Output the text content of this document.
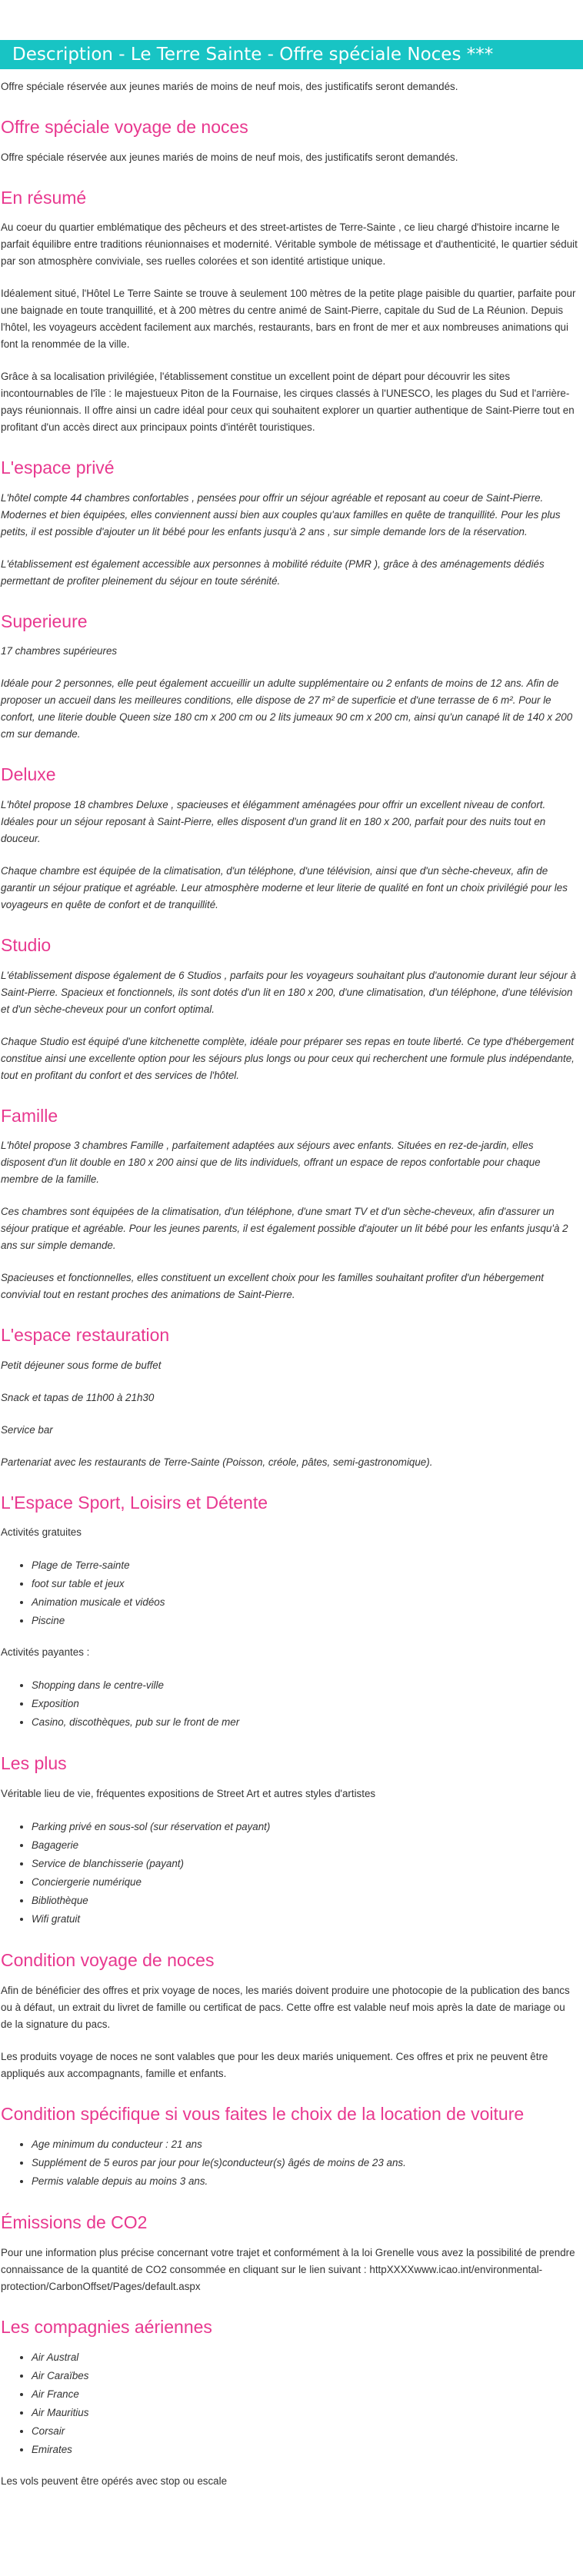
Description - Le Terre Sainte - Offre spéciale Noces ***

Offre spéciale réservée aux jeunes mariés de moins de neuf mois, des justificatifs seront demandés.

Offre spéciale voyage de noces

Offre spéciale réservée aux jeunes mariés de moins de neuf mois, des justificatifs seront demandés.

En résumé

Au coeur du quartier emblématique des pêcheurs et des street-artistes de Terre-Sainte , ce lieu chargé d'histoire incarne le parfait équilibre entre traditions réunionnaises et modernité. Véritable symbole de métissage et d'authenticité, le quartier séduit par son atmosphère conviviale, ses ruelles colorées et son identité artistique unique.

Idéalement situé, l'Hôtel Le Terre Sainte se trouve à seulement 100 mètres de la petite plage paisible du quartier, parfaite pour une baignade en toute tranquillité, et à 200 mètres du centre animé de Saint-Pierre, capitale du Sud de La Réunion. Depuis l'hôtel, les voyageurs accèdent facilement aux marchés, restaurants, bars en front de mer et aux nombreuses animations qui font la renommée de la ville.

Grâce à sa localisation privilégiée, l'établissement constitue un excellent point de départ pour découvrir les sites incontournables de l'île : le majestueux Piton de la Fournaise, les cirques classés à l'UNESCO, les plages du Sud et l'arrière-pays réunionnais. Il offre ainsi un cadre idéal pour ceux qui souhaitent explorer un quartier authentique de Saint-Pierre tout en profitant d'un accès direct aux principaux points d'intérêt touristiques.

L'espace privé

L'hôtel compte 44 chambres confortables , pensées pour offrir un séjour agréable et reposant au coeur de Saint-Pierre. Modernes et bien équipées, elles conviennent aussi bien aux couples qu'aux familles en quête de tranquillité. Pour les plus petits, il est possible d'ajouter un lit bébé pour les enfants jusqu'à 2 ans , sur simple demande lors de la réservation.

L'établissement est également accessible aux personnes à mobilité réduite (PMR ), grâce à des aménagements dédiés permettant de profiter pleinement du séjour en toute sérénité.

Superieure

17 chambres supérieures

Idéale pour 2 personnes, elle peut également accueillir un adulte supplémentaire ou 2 enfants de moins de 12 ans. Afin de proposer un accueil dans les meilleures conditions, elle dispose de 27 m² de superficie et d'une terrasse de 6 m². Pour le confort, une literie double Queen size 180 cm x 200 cm ou 2 lits jumeaux 90 cm x 200 cm, ainsi qu'un canapé lit de 140 x 200 cm sur demande.

Deluxe

L'hôtel propose 18 chambres Deluxe , spacieuses et élégamment aménagées pour offrir un excellent niveau de confort. Idéales pour un séjour reposant à Saint-Pierre, elles disposent d'un grand lit en 180 x 200, parfait pour des nuits tout en douceur.

Chaque chambre est équipée de la climatisation, d'un téléphone, d'une télévision, ainsi que d'un sèche-cheveux, afin de garantir un séjour pratique et agréable. Leur atmosphère moderne et leur literie de qualité en font un choix privilégié pour les voyageurs en quête de confort et de tranquillité.

Studio

L'établissement dispose également de 6 Studios , parfaits pour les voyageurs souhaitant plus d'autonomie durant leur séjour à Saint-Pierre. Spacieux et fonctionnels, ils sont dotés d'un lit en 180 x 200, d'une climatisation, d'un téléphone, d'une télévision et d'un sèche-cheveux pour un confort optimal.

Chaque Studio est équipé d'une kitchenette complète, idéale pour préparer ses repas en toute liberté. Ce type d'hébergement constitue ainsi une excellente option pour les séjours plus longs ou pour ceux qui recherchent une formule plus indépendante, tout en profitant du confort et des services de l'hôtel.

Famille

L'hôtel propose 3 chambres Famille , parfaitement adaptées aux séjours avec enfants. Situées en rez-de-jardin, elles disposent d'un lit double en 180 x 200 ainsi que de lits individuels, offrant un espace de repos confortable pour chaque membre de la famille.

Ces chambres sont équipées de la climatisation, d'un téléphone, d'une smart TV et d'un sèche-cheveux, afin d'assurer un séjour pratique et agréable. Pour les jeunes parents, il est également possible d'ajouter un lit bébé pour les enfants jusqu'à 2 ans sur simple demande.

Spacieuses et fonctionnelles, elles constituent un excellent choix pour les familles souhaitant profiter d'un hébergement convivial tout en restant proches des animations de Saint-Pierre.

L'espace restauration

Petit déjeuner sous forme de buffet

Snack et tapas de 11h00 à 21h30

Service bar

Partenariat avec les restaurants de Terre-Sainte (Poisson, créole, pâtes, semi-gastronomique).

L'Espace Sport, Loisirs et Détente

Activités gratuites

• Plage de Terre-sainte
• foot sur table et jeux
• Animation musicale et vidéos
• Piscine

Activités payantes :

• Shopping dans le centre-ville
• Exposition
• Casino, discothèques, pub sur le front de mer
Les plus

Véritable lieu de vie, fréquentes expositions de Street Art et autres styles d'artistes

• Parking privé en sous-sol (sur réservation et payant)
• Bagagerie
• Service de blanchisserie (payant)
• Conciergerie numérique
• Bibliothèque
• Wifi gratuit
Condition voyage de noces

Afin de bénéficier des offres et prix voyage de noces, les mariés doivent produire une photocopie de la publication des bancs ou à défaut, un extrait du livret de famille ou certificat de pacs. Cette offre est valable neuf mois après la date de mariage ou de la signature du pacs.

Les produits voyage de noces ne sont valables que pour les deux mariés uniquement. Ces offres et prix ne peuvent être appliqués aux accompagnants, famille et enfants.

Condition spécifique si vous faites le choix de la location de voiture
• Age minimum du conducteur : 21 ans
• Supplément de 5 euros par jour pour le(s)conducteur(s) âgés de moins de 23 ans.
• Permis valable depuis au moins 3 ans.
Émissions de CO2

Pour une information plus précise concernant votre trajet et conformément à la loi Grenelle vous avez la possibilité de prendre connaissance de la quantité de CO2 consommée en cliquant sur le lien suivant : httpXXXXwww.icao.int/environmental-protection/CarbonOffset/Pages/default.aspx

Les compagnies aériennes
• Air Austral
• Air Caraïbes
• Air France
• Air Mauritius
• Corsair
• Emirates

Les vols peuvent être opérés avec stop ou escale
